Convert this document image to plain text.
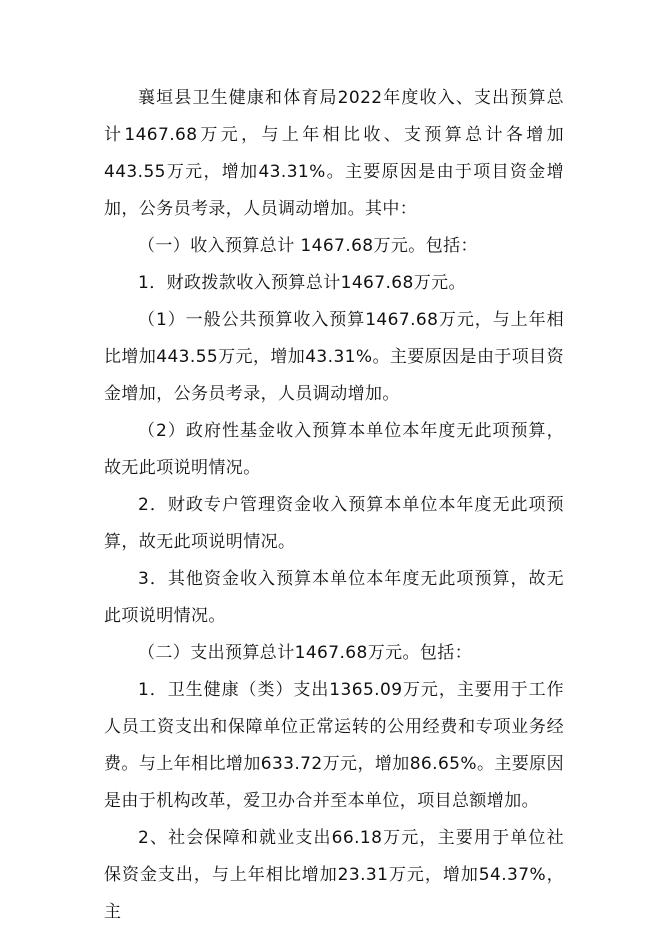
襄垣县卫生健康和体育局2022年度收入、支出预算总计1467.68万元，与上年相比收、支预算总计各增加443.55万元，增加43.31%。主要原因是由于项目资金增加，公务员考录，人员调动增加。其中：

（一）收入预算总计 1467.68万元。包括：

1．财政拨款收入预算总计1467.68万元。

（1）一般公共预算收入预算1467.68万元，与上年相比增加443.55万元，增加43.31%。主要原因是由于项目资金增加，公务员考录，人员调动增加。

（2）政府性基金收入预算本单位本年度无此项预算，故无此项说明情况。

2．财政专户管理资金收入预算本单位本年度无此项预算，故无此项说明情况。

3．其他资金收入预算本单位本年度无此项预算，故无此项说明情况。

（二）支出预算总计1467.68万元。包括：

1．卫生健康（类）支出1365.09万元，主要用于工作人员工资支出和保障单位正常运转的公用经费和专项业务经费。与上年相比增加633.72万元，增加86.65%。主要原因是由于机构改革，爱卫办合并至本单位，项目总额增加。

2、社会保障和就业支出66.18万元，主要用于单位社保资金支出，与上年相比增加23.31万元，增加54.37%，主
